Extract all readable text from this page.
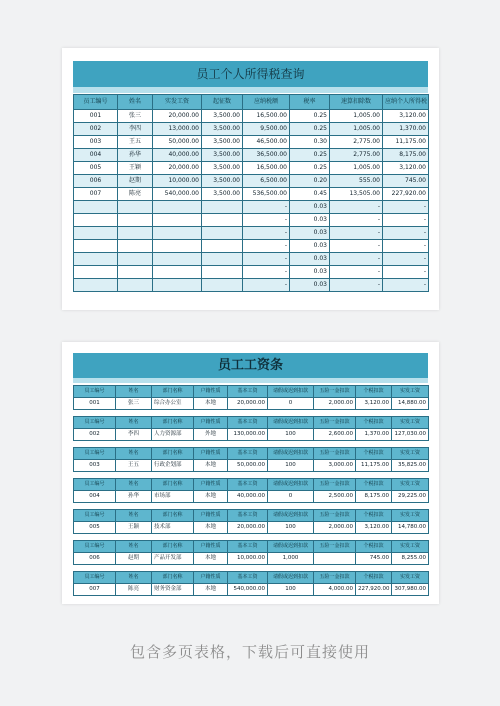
员工个人所得税查询
员工编号	姓名	实发工资	起征数	应纳税额	税率	速算扣除数	应纳个人所得税
001	张三	20,000.00	3,500.00	16,500.00	0.25	1,005.00	3,120.00
002	李四	13,000.00	3,500.00	9,500.00	0.25	1,005.00	1,370.00
003	王五	50,000.00	3,500.00	46,500.00	0.30	2,775.00	11,175.00
004	孙华	40,000.00	3,500.00	36,500.00	0.25	2,775.00	8,175.00
005	王颖	20,000.00	3,500.00	16,500.00	0.25	1,005.00	3,120.00
006	赵期	10,000.00	3,500.00	6,500.00	0.20	555.00	745.00
007	陈亮	540,000.00	3,500.00	536,500.00	0.45	13,505.00	227,920.00
				-	0.03	-	-
				-	0.03	-	-
				-	0.03	-	-
				-	0.03	-	-
				-	0.03	-	-
				-	0.03	-	-
				-	0.03	-	-
员工工资条
员工编号	姓名	部门名称	户籍性质	基本工资	请假或迟到扣款	五险一金扣款	个税扣款	实发工资
001	张三	综合办公室	本地	20,000.00	0	2,000.00	3,120.00	14,880.00
员工编号	姓名	部门名称	户籍性质	基本工资	请假或迟到扣款	五险一金扣款	个税扣款	实发工资
002	李四	人力资源部	外地	130,000.00	100	2,600.00	1,370.00	127,030.00
员工编号	姓名	部门名称	户籍性质	基本工资	请假或迟到扣款	五险一金扣款	个税扣款	实发工资
003	王五	行政企划部	本地	50,000.00	100	3,000.00	11,175.00	35,825.00
员工编号	姓名	部门名称	户籍性质	基本工资	请假或迟到扣款	五险一金扣款	个税扣款	实发工资
004	孙华	市场部	本地	40,000.00	0	2,500.00	8,175.00	29,225.00
员工编号	姓名	部门名称	户籍性质	基本工资	请假或迟到扣款	五险一金扣款	个税扣款	实发工资
005	王颖	技术部	本地	20,000.00	100	2,000.00	3,120.00	14,780.00
员工编号	姓名	部门名称	户籍性质	基本工资	请假或迟到扣款	五险一金扣款	个税扣款	实发工资
006	赵期	产品开发部	本地	10,000.00	1,000		745.00	8,255.00
员工编号	姓名	部门名称	户籍性质	基本工资	请假或迟到扣款	五险一金扣款	个税扣款	实发工资
007	陈亮	财务资金部	本地	540,000.00	100	4,000.00	227,920.00	307,980.00
包含多页表格，下载后可直接使用
